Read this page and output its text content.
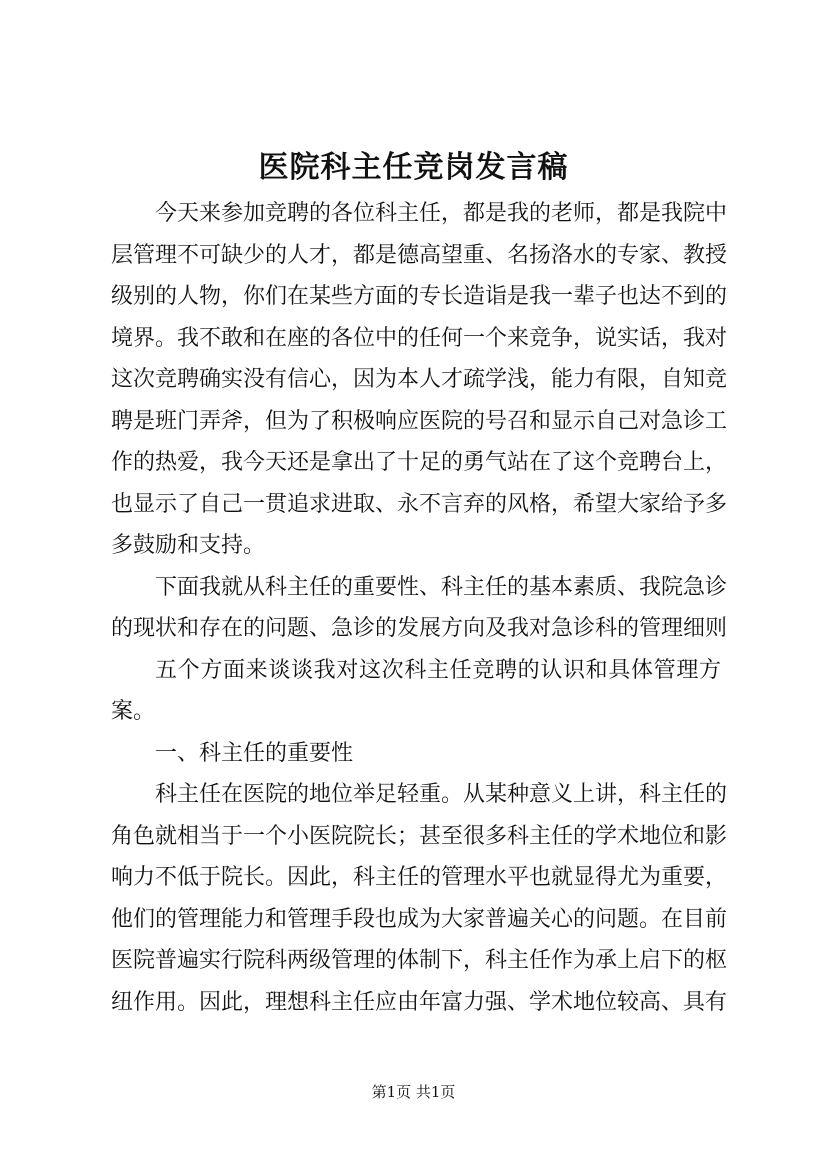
医院科主任竞岗发言稿
今天来参加竞聘的各位科主任，都是我的老师，都是我院中
层管理不可缺少的人才，都是德高望重、名扬洛水的专家、教授
级别的人物，你们在某些方面的专长造诣是我一辈子也达不到的
境界。我不敢和在座的各位中的任何一个来竞争，说实话，我对
这次竞聘确实没有信心，因为本人才疏学浅，能力有限，自知竞
聘是班门弄斧，但为了积极响应医院的号召和显示自己对急诊工
作的热爱，我今天还是拿出了十足的勇气站在了这个竞聘台上，
也显示了自己一贯追求进取、永不言弃的风格，希望大家给予多
多鼓励和支持。
下面我就从科主任的重要性、科主任的基本素质、我院急诊
的现状和存在的问题、急诊的发展方向及我对急诊科的管理细则
五个方面来谈谈我对这次科主任竞聘的认识和具体管理方
案。
一、科主任的重要性
科主任在医院的地位举足轻重。从某种意义上讲，科主任的
角色就相当于一个小医院院长；甚至很多科主任的学术地位和影
响力不低于院长。因此，科主任的管理水平也就显得尤为重要，
他们的管理能力和管理手段也成为大家普遍关心的问题。在目前
医院普遍实行院科两级管理的体制下，科主任作为承上启下的枢
纽作用。因此，理想科主任应由年富力强、学术地位较高、具有
第1页 共1页
